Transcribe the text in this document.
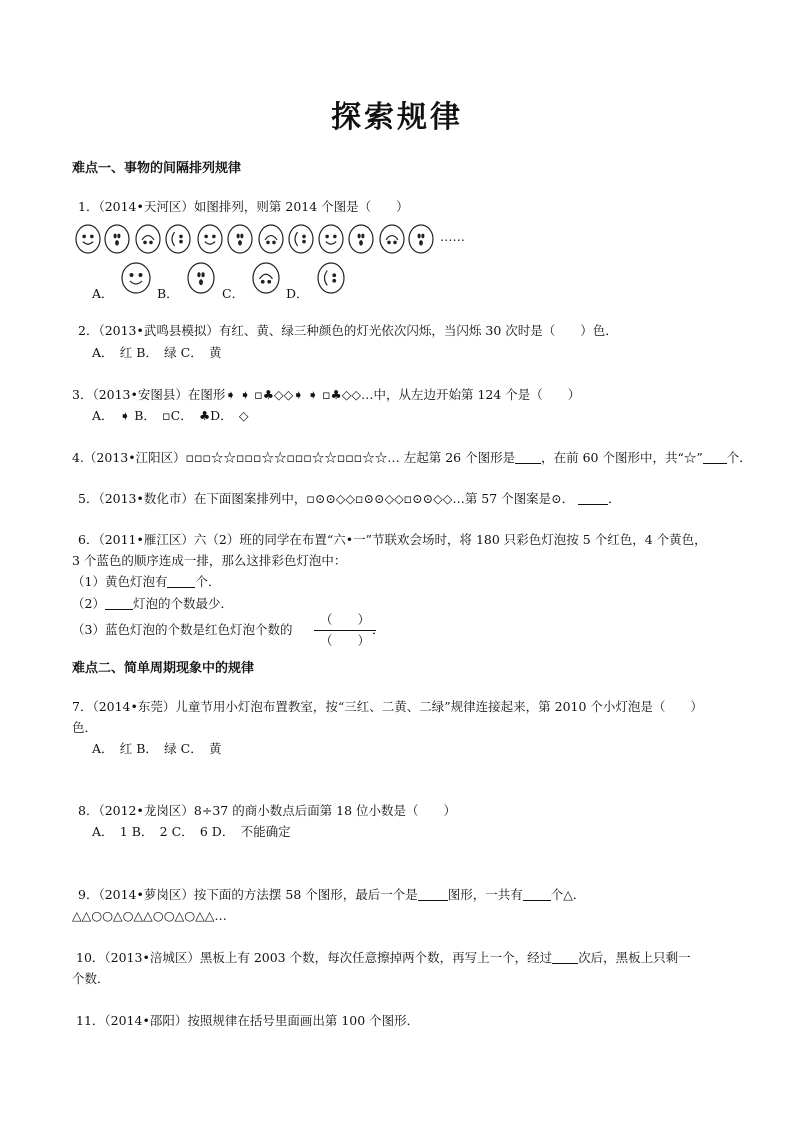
探索规律
难点一、事物的间隔排列规律
1．（2014•天河区）如图排列，则第 2014 个图是（　　）
……
A．	B．	C．	D．
2．（2013•武鸣县模拟）有红、黄、绿三种颜色的灯光依次闪烁，当闪烁 30 次时是（　　）色．
A．　红 B．　绿 C．　黄
3．（2013•安图县）在图形➧ ➧ ▫♣◇◇➧ ➧ ▫♣◇◇…中，从左边开始第 124 个是（　　）
A．　➧ B．　▫C．　♣D．　◇
4.（2013•江阳区）▫▫▫☆☆▫▫▫☆☆▫▫▫☆☆▫▫▫☆☆… 左起第 26 个图形是 ，在前 60 个图形中，共“☆” 个．
5．（2013•数化市）在下面图案排列中，▫⊙⊙◇◇▫⊙⊙◇◇▫⊙⊙◇◇…第 57 个图案是⊙．	．
6．（2011•雁江区）六（2）班的同学在布置“六•一”节联欢会场时，将 180 只彩色灯泡按 5 个红色，4 个黄色，
3 个蓝色的顺序连成一排，那么这排彩色灯泡中：
（1）黄色灯泡有 个．
（2） 灯泡的个数最少．
（3）蓝色灯泡的个数是红色灯泡个数的
（　　）
（　　）
．
难点二、简单周期现象中的规律
7．（2014•东莞）儿童节用小灯泡布置教室，按“三红、二黄、二绿”规律连接起来，第 2010 个小灯泡是（　　）
色．
A．　红 B．　绿 C．　黄
8．（2012•龙岗区）8÷37 的商小数点后面第 18 位小数是（　　）
A．　1 B．　2 C．　6 D．　不能确定
9．（2014•萝岗区）按下面的方法摆 58 个图形，最后一个是 图形，一共有 个△．
△△○○△○△△○○△○△△…
10．（2013•涪城区）黑板上有 2003 个数，每次任意擦掉两个数，再写上一个，经过 次后，黑板上只剩一
个数．
11．（2014•邵阳）按照规律在括号里面画出第 100 个图形．
